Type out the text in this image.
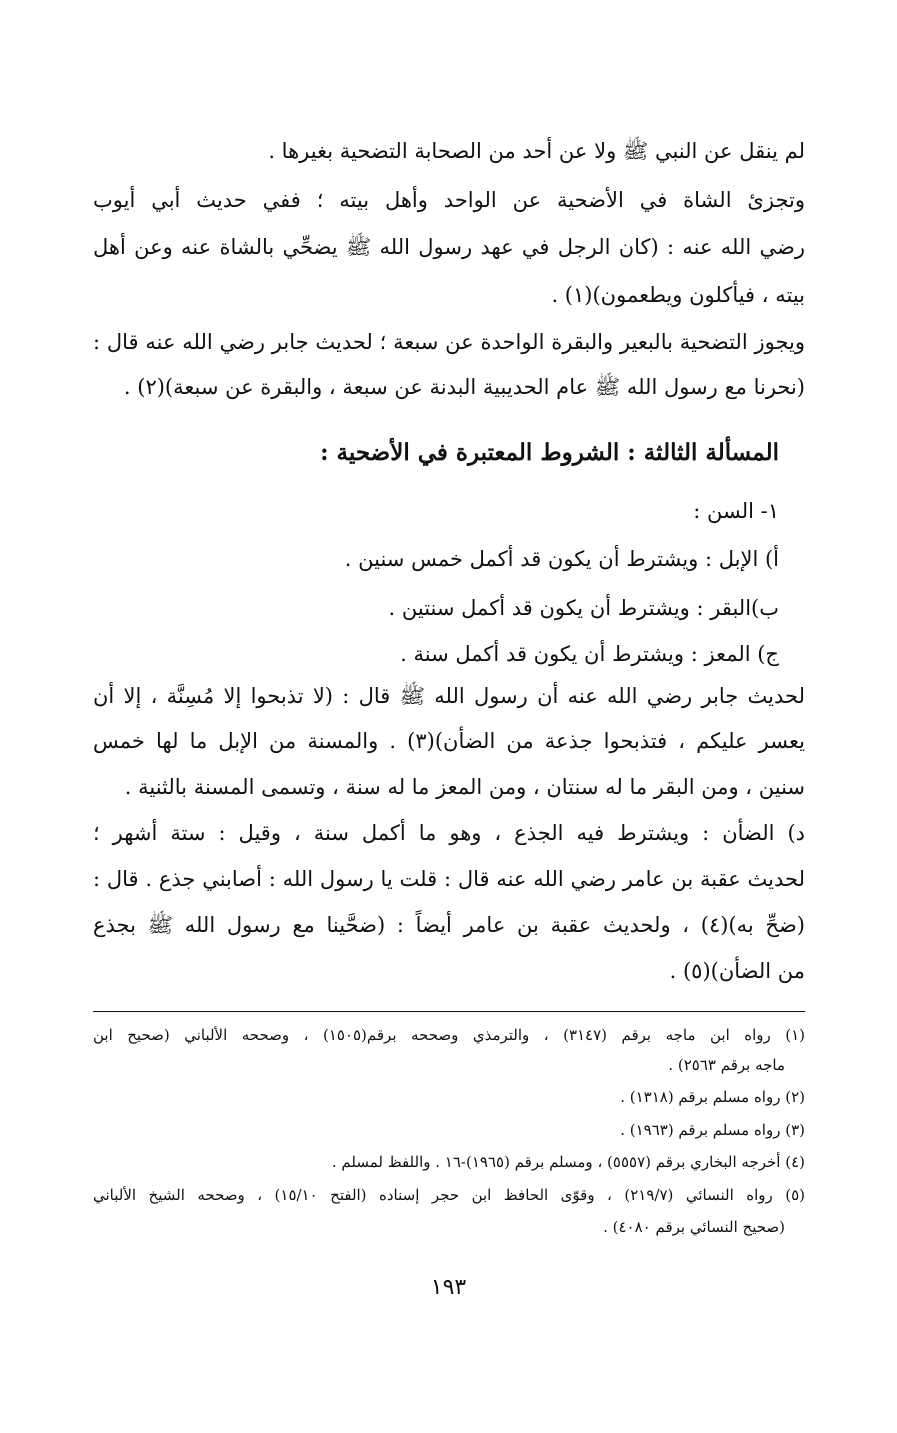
لم ينقل عن النبي ﷺ ولا عن أحد من الصحابة التضحية بغيرها .
وتجزئ الشاة في الأضحية عن الواحد وأهل بيته ؛ ففي حديث أبي أيوب
رضي الله عنه : (كان الرجل في عهد رسول الله ﷺ يضحِّي بالشاة عنه وعن أهل
بيته ، فيأكلون ويطعمون)(١) .
ويجوز التضحية بالبعير والبقرة الواحدة عن سبعة ؛ لحديث جابر رضي الله عنه قال :
(نحرنا مع رسول الله ﷺ عام الحديبية البدنة عن سبعة ، والبقرة عن سبعة)(٢) .
المسألة الثالثة : الشروط المعتبرة في الأضحية :
١- السن :
أ) الإبل : ويشترط أن يكون قد أكمل خمس سنين .
ب)البقر : ويشترط أن يكون قد أكمل سنتين .
ج) المعز : ويشترط أن يكون قد أكمل سنة .
لحديث جابر رضي الله عنه أن رسول الله ﷺ قال : (لا تذبحوا إلا مُسِنَّة ، إلا أن
يعسر عليكم ، فتذبحوا جذعة من الضأن)(٣) . والمسنة من الإبل ما لها خمس
سنين ، ومن البقر ما له سنتان ، ومن المعز ما له سنة ، وتسمى المسنة بالثنية .
د) الضأن : ويشترط فيه الجذع ، وهو ما أكمل سنة ، وقيل : ستة أشهر ؛
لحديث عقبة بن عامر رضي الله عنه قال : قلت يا رسول الله : أصابني جذع . قال :
(ضحِّ به)(٤) ، ولحديث عقبة بن عامر أيضاً : (ضحَّينا مع رسول الله ﷺ بجذع
من الضأن)(٥) .
(١) رواه ابن ماجه برقم (٣١٤٧) ، والترمذي وصححه برقم(١٥٠٥) ، وصححه الألباني (صحيح ابن
ماجه برقم ٢٥٦٣) .
(٢) رواه مسلم برقم (١٣١٨) .
(٣) رواه مسلم برقم (١٩٦٣) .
(٤) أخرجه البخاري برقم (٥٥٥٧) ، ومسلم برقم (١٩٦٥)-١٦ . واللفظ لمسلم .
(٥) رواه النسائي (٢١٩/٧) ، وقوّى الحافظ ابن حجر إسناده (الفتح ١٥/١٠) ، وصححه الشيخ الألباني
(صحيح النسائي برقم ٤٠٨٠) .
١٩٣
